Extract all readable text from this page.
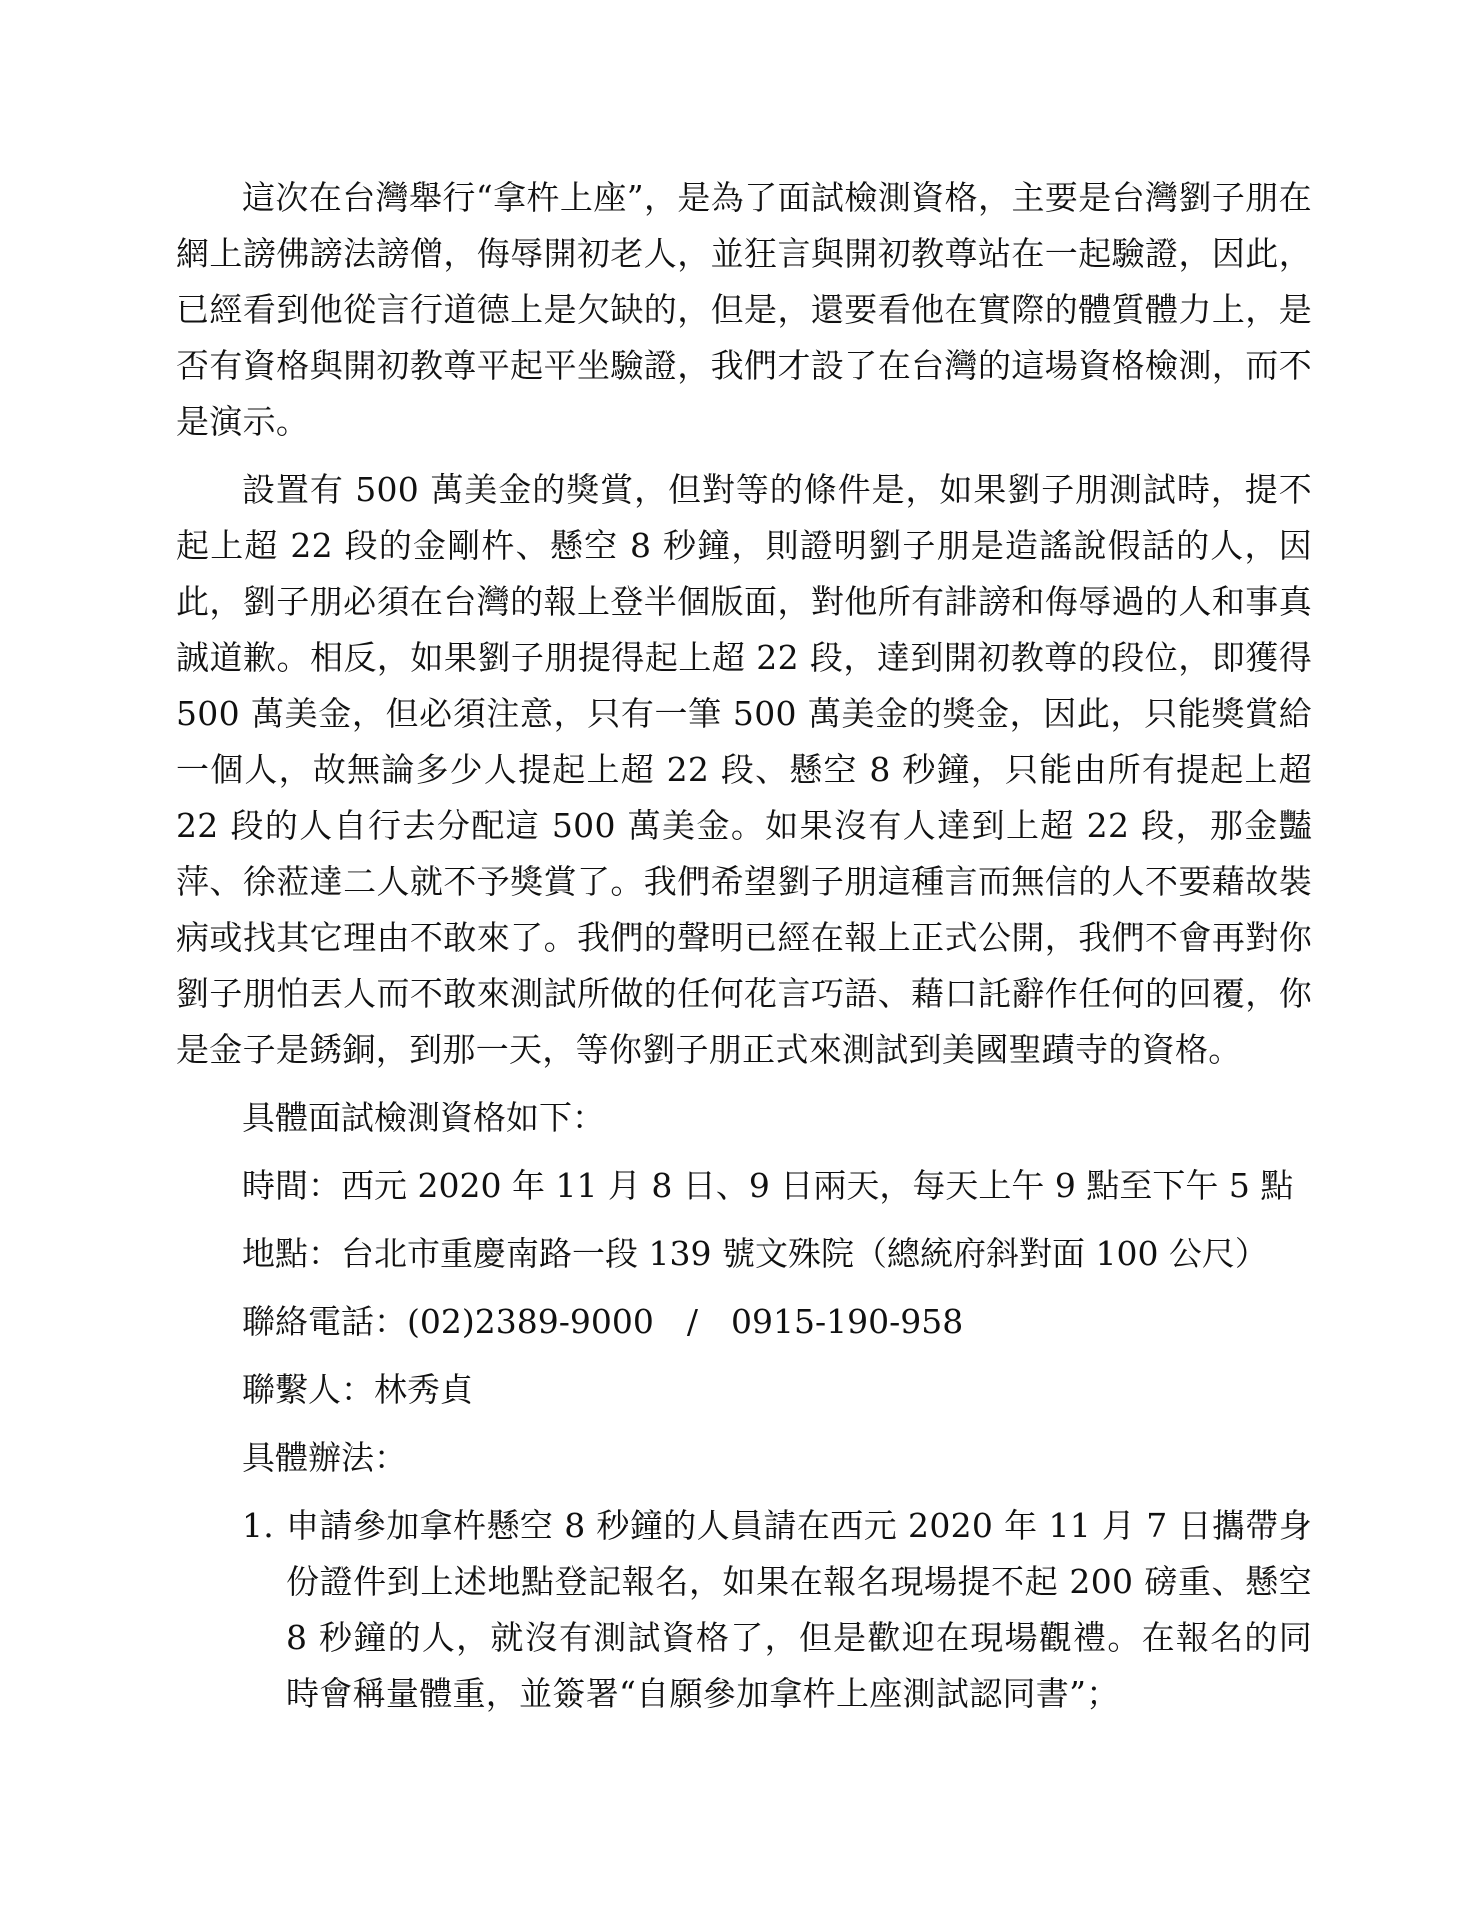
這次在台灣舉行“拿杵上座”，是為了面試檢測資格，主要是台灣劉子朋在網上謗佛謗法謗僧，侮辱開初老人，並狂言與開初教尊站在一起驗證，因此，已經看到他從言行道德上是欠缺的，但是，還要看他在實際的體質體力上，是否有資格與開初教尊平起平坐驗證，我們才設了在台灣的這場資格檢測，而不是演示。

設置有 500 萬美金的獎賞，但對等的條件是，如果劉子朋測試時，提不起上超 22 段的金剛杵、懸空 8 秒鐘，則證明劉子朋是造謠說假話的人，因此，劉子朋必須在台灣的報上登半個版面，對他所有誹謗和侮辱過的人和事真誠道歉。相反，如果劉子朋提得起上超 22 段，達到開初教尊的段位，即獲得 500 萬美金，但必須注意，只有一筆 500 萬美金的獎金，因此，只能獎賞給一個人，故無論多少人提起上超 22 段、懸空 8 秒鐘，只能由所有提起上超 22 段的人自行去分配這 500 萬美金。如果沒有人達到上超 22 段，那金豔萍、徐蒞達二人就不予獎賞了。我們希望劉子朋這種言而無信的人不要藉故裝病或找其它理由不敢來了。我們的聲明已經在報上正式公開，我們不會再對你劉子朋怕丟人而不敢來測試所做的任何花言巧語、藉口託辭作任何的回覆，你是金子是銹銅，到那一天，等你劉子朋正式來測試到美國聖蹟寺的資格。

具體面試檢測資格如下：
時間：西元 2020 年 11 月 8 日、9 日兩天，每天上午 9 點至下午 5 點
地點：台北市重慶南路一段 139 號文殊院（總統府斜對面 100 公尺）
聯絡電話：(02)2389-9000　/　0915-190-958
聯繫人：林秀貞
具體辦法：
1. 申請參加拿杵懸空 8 秒鐘的人員請在西元 2020 年 11 月 7 日攜帶身份證件到上述地點登記報名，如果在報名現場提不起 200 磅重、懸空 8 秒鐘的人，就沒有測試資格了，但是歡迎在現場觀禮。在報名的同時會稱量體重，並簽署“自願參加拿杵上座測試認同書”；
